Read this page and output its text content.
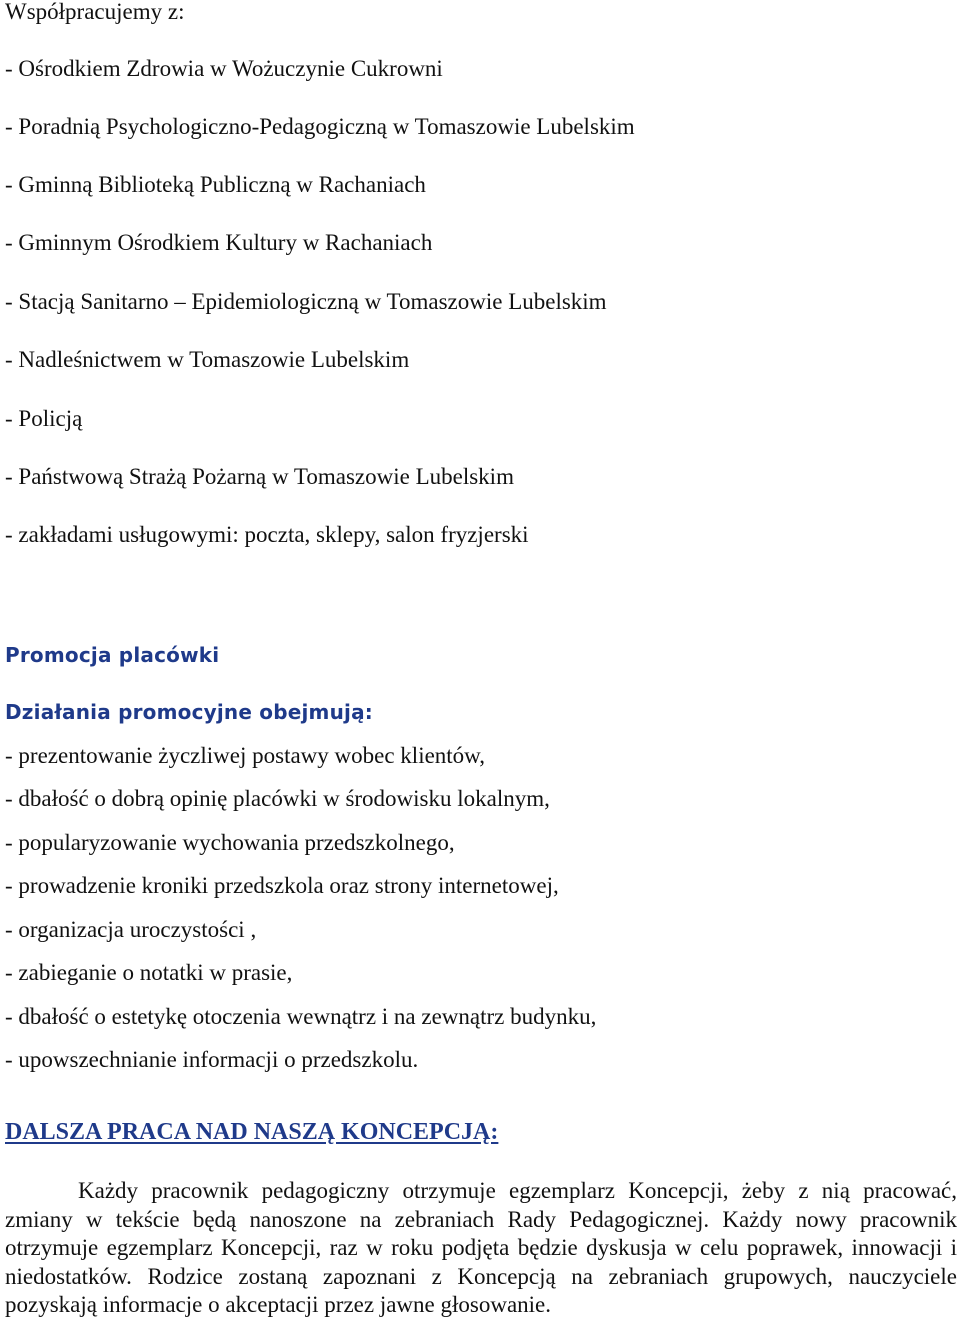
Współpracujemy z:
- Ośrodkiem Zdrowia w Wożuczynie Cukrowni
- Poradnią Psychologiczno-Pedagogiczną w Tomaszowie Lubelskim
- Gminną Biblioteką Publiczną w Rachaniach
- Gminnym Ośrodkiem Kultury w Rachaniach
- Stacją Sanitarno – Epidemiologiczną w Tomaszowie Lubelskim
- Nadleśnictwem w Tomaszowie Lubelskim
- Policją
- Państwową Strażą Pożarną w Tomaszowie Lubelskim
- zakładami usługowymi: poczta, sklepy, salon fryzjerski
Promocja placówki
Działania promocyjne obejmują:
- prezentowanie życzliwej postawy wobec klientów,
- dbałość o dobrą opinię placówki w środowisku lokalnym,
- popularyzowanie wychowania przedszkolnego,
- prowadzenie kroniki przedszkola oraz strony internetowej,
- organizacja uroczystości ,
- zabieganie o notatki w prasie,
- dbałość o estetykę otoczenia wewnątrz i na zewnątrz budynku,
- upowszechnianie informacji o przedszkolu.
DALSZA PRACA NAD NASZĄ KONCEPCJĄ:

Każdy pracownik pedagogiczny otrzymuje egzemplarz Koncepcji, żeby z nią pracować, zmiany w tekście będą nanoszone na zebraniach Rady Pedagogicznej. Każdy nowy pracownik otrzymuje egzemplarz Koncepcji, raz w roku podjęta będzie dyskusja w celu poprawek, innowacji i niedostatków. Rodzice zostaną zapoznani z Koncepcją na zebraniach grupowych, nauczyciele pozyskają informacje o akceptacji przez jawne głosowanie.
